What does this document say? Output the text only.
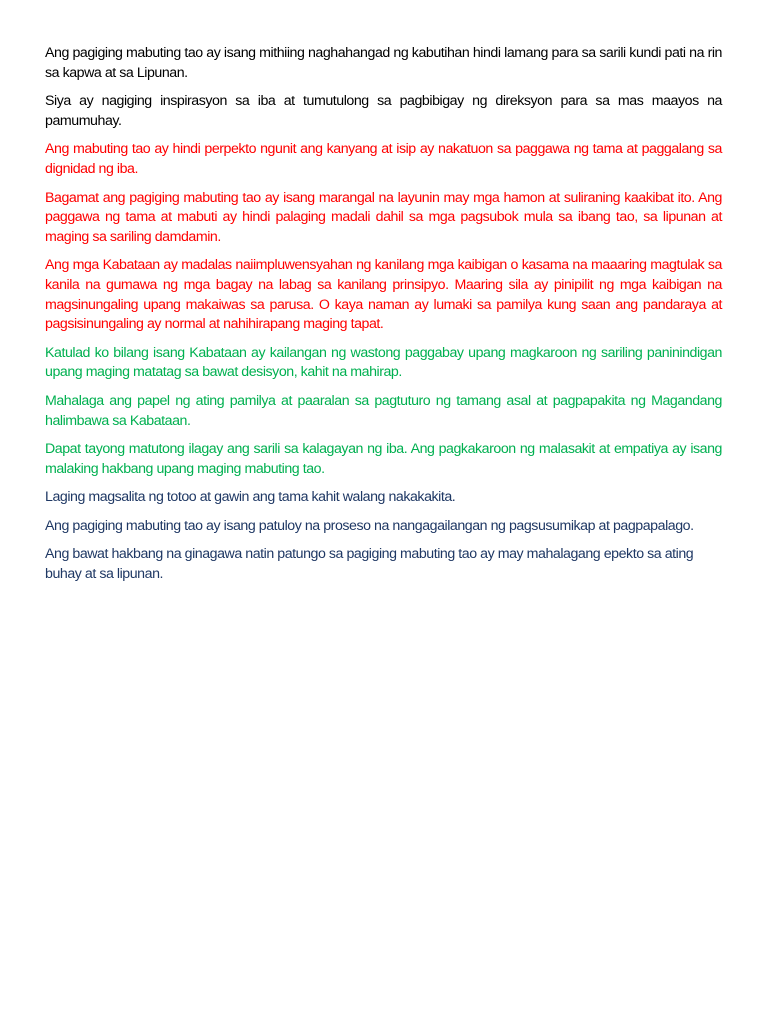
Ang pagiging mabuting tao ay isang mithiing naghahangad ng kabutihan hindi lamang para sa sarili kundi pati na rin sa kapwa at sa Lipunan.

Siya ay nagiging inspirasyon sa iba at tumutulong sa pagbibigay ng direksyon para sa mas maayos na pamumuhay.

Ang mabuting tao ay hindi perpekto ngunit ang kanyang at isip ay nakatuon sa paggawa ng tama at paggalang sa dignidad ng iba.

Bagamat ang pagiging mabuting tao ay isang marangal na layunin may mga hamon at suliraning kaakibat ito. Ang paggawa ng tama at mabuti ay hindi palaging madali dahil sa mga pagsubok mula sa ibang tao, sa lipunan at maging sa sariling damdamin.

Ang mga Kabataan ay madalas naiimpluwensyahan ng kanilang mga kaibigan o kasama na maaaring magtulak sa kanila na gumawa ng mga bagay na labag sa kanilang prinsipyo. Maaring sila ay pinipilit ng mga kaibigan na magsinungaling upang makaiwas sa parusa. O kaya naman ay lumaki sa pamilya kung saan ang pandaraya at pagsisinungaling ay normal at nahihirapang maging tapat.

Katulad ko bilang isang Kabataan ay kailangan ng wastong paggabay upang magkaroon ng sariling paninindigan upang maging matatag sa bawat desisyon, kahit na mahirap.

Mahalaga ang papel ng ating pamilya at paaralan sa pagtuturo ng tamang asal at pagpapakita ng Magandang halimbawa sa Kabataan.

Dapat tayong matutong ilagay ang sarili sa kalagayan ng iba. Ang pagkakaroon ng malasakit at empatiya ay isang malaking hakbang upang maging mabuting tao.

Laging magsalita ng totoo at gawin ang tama kahit walang nakakakita.

Ang pagiging mabuting tao ay isang patuloy na proseso na nangagailangan ng pagsusumikap at pagpapalago.

Ang bawat hakbang na ginagawa natin patungo sa pagiging mabuting tao ay may mahalagang epekto sa ating buhay at sa lipunan.
